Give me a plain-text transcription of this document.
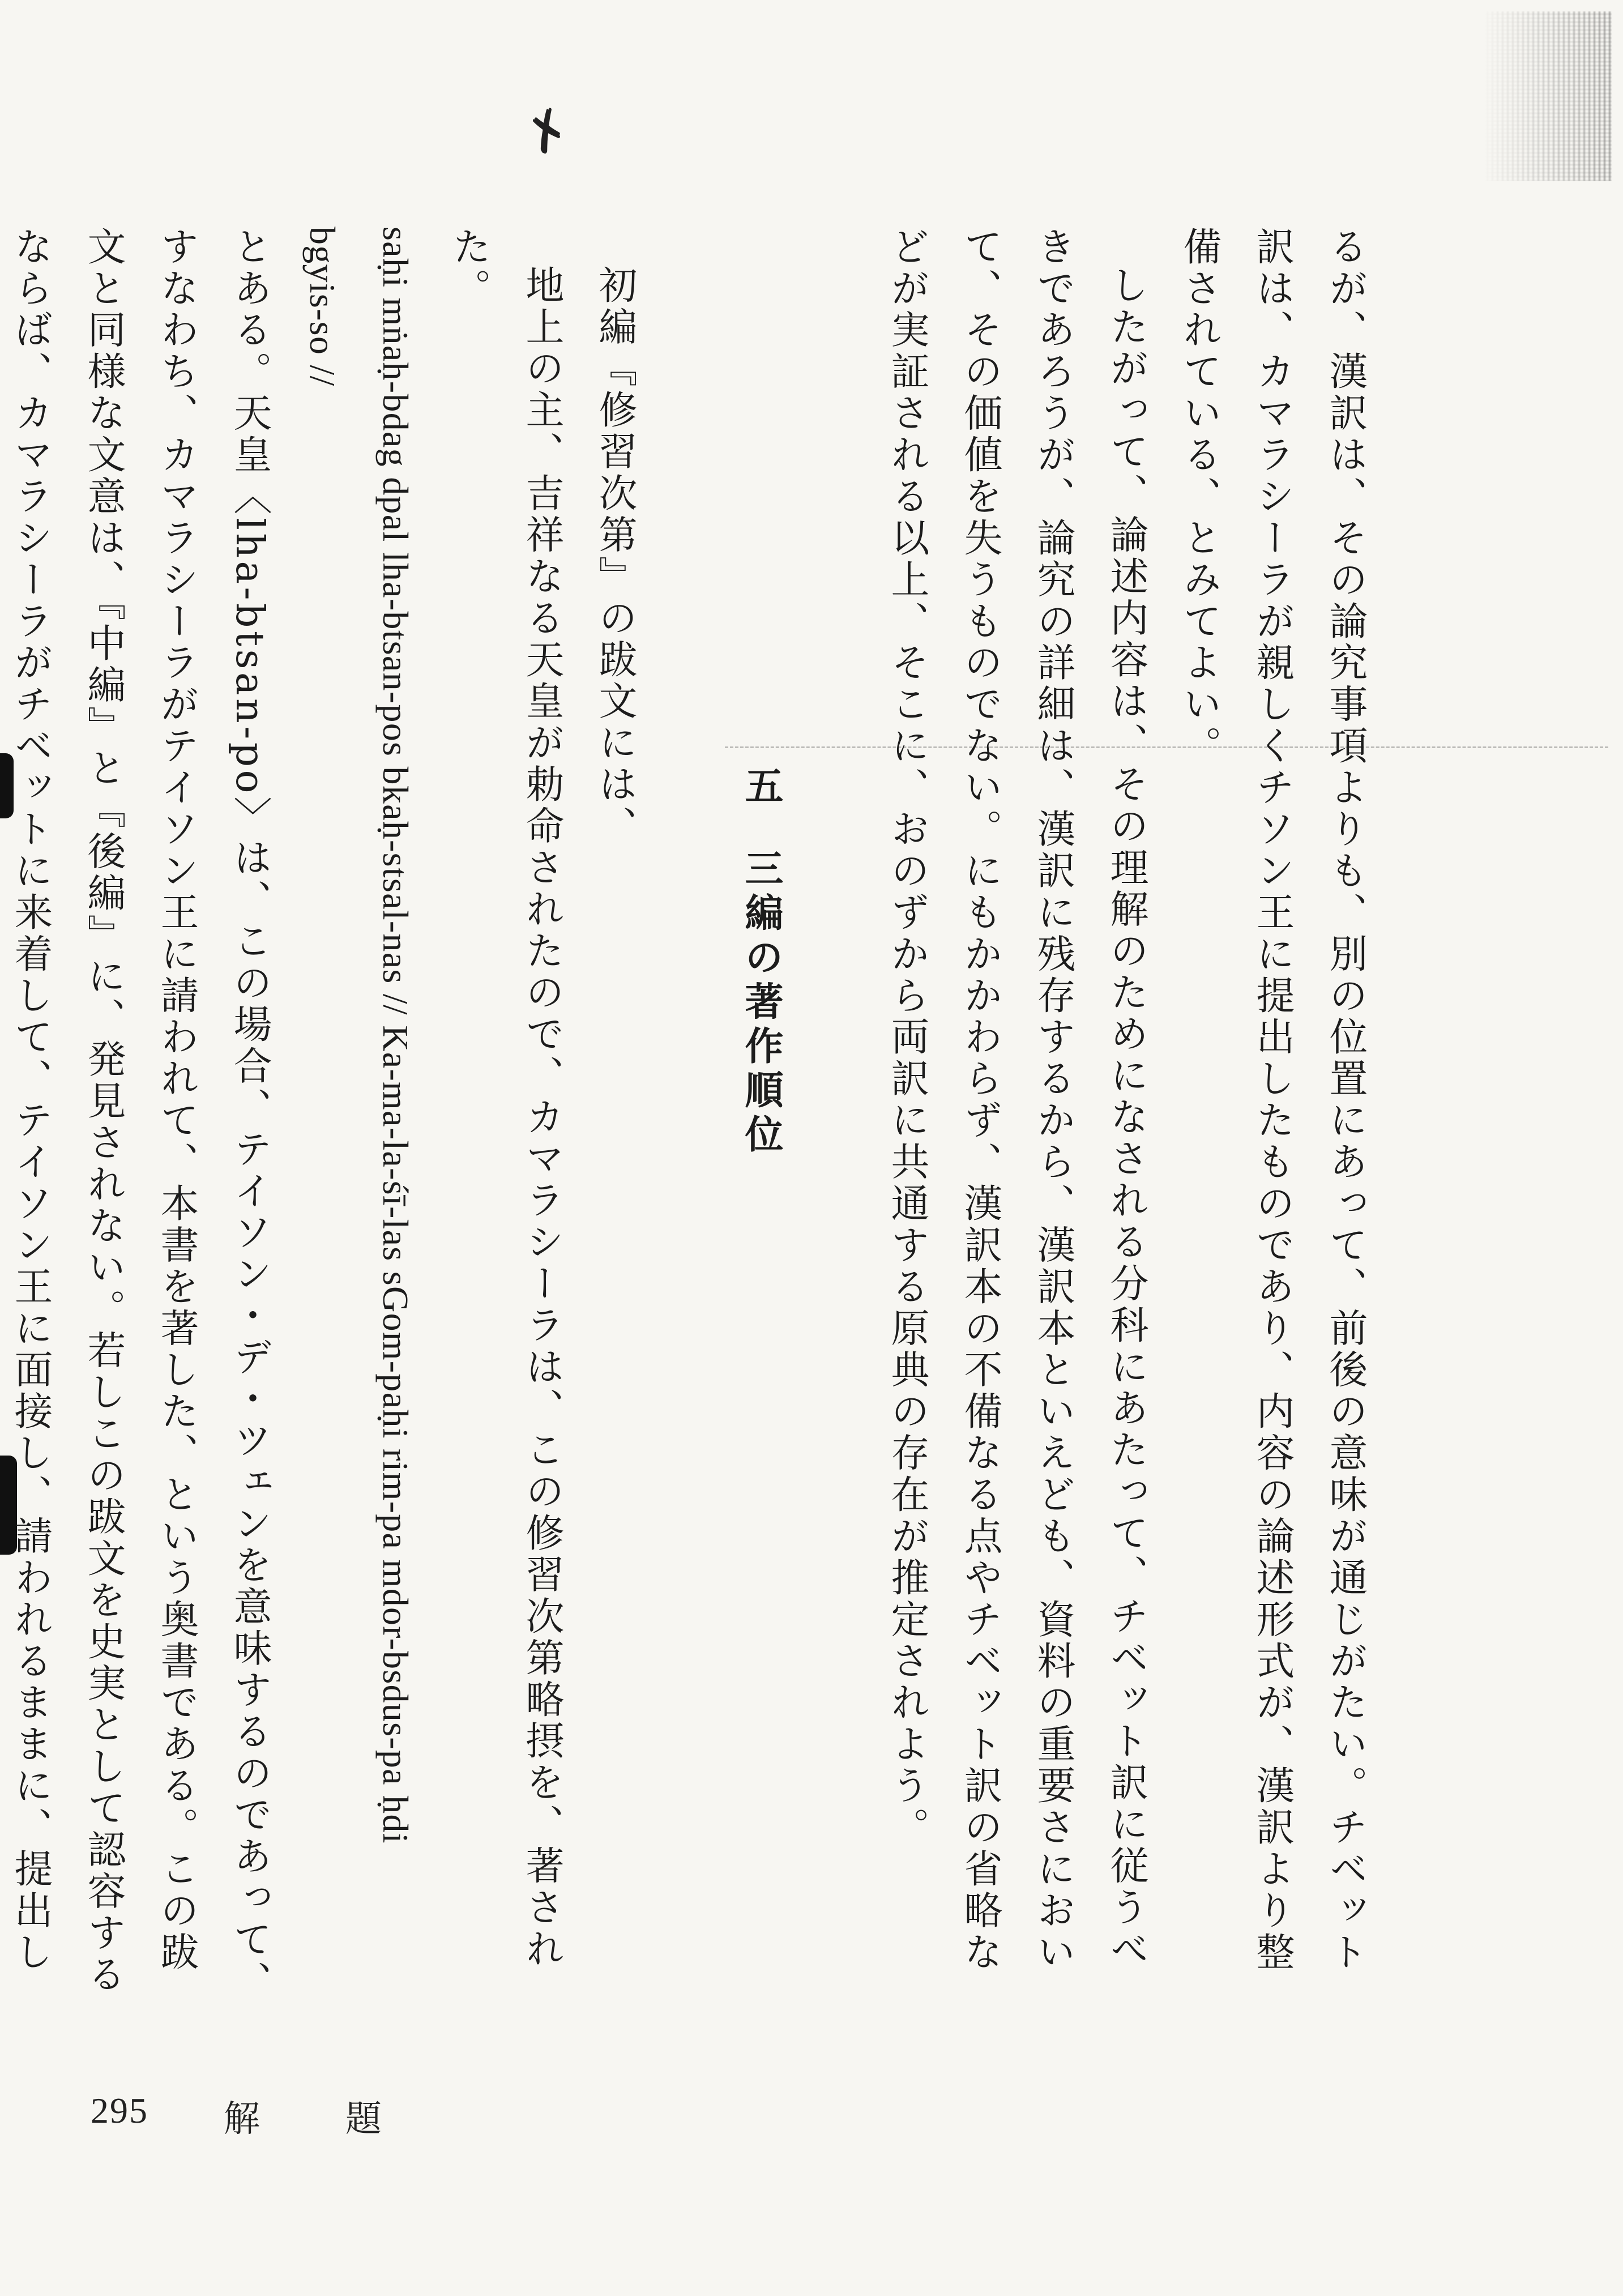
✗

るが、漢訳は、その論究事項よりも、別の位置にあって、前後の意味が通じがたい。チベット訳は、カマラシーラが親しくチソン王に提出したものであり、内容の論述形式が、漢訳より整備されている、とみてよい。

したがって、論述内容は、その理解のためになされる分科にあたって、チベット訳に従うべきであろうが、論究の詳細は、漢訳に残存するから、漢訳本といえども、資料の重要さにおいて、その価値を失うものでない。にもかかわらず、漢訳本の不備なる点やチベット訳の省略などが実証される以上、そこに、おのずから両訳に共通する原典の存在が推定されよう。

五三編の著作順位

初編『修習次第』の跋文には、

地上の主、吉祥なる天皇が勅命されたので、カマラシーラは、この修習次第略摂を、著された。

saḥi mṅaḥ-bdag dpal lha-btsan-pos bkaḥ-stsal-nas // Ka-ma-la-śī-las sGom-paḥi rim-pa mdor-bsdus-pa ḥdi

bgyis-so //

とある。天皇〈lha-btsan-po〉は、この場合、テイソン・デ・ツェンを意味するのであって、すなわち、カマラシーラがテイソン王に請われて、本書を著した、という奥書である。この跋文と同様な文意は、『中編』と『後編』に、発見されない。若しこの跋文を史実として認容するならば、カマラシーラがチベットに来着して、テイソン王に面接し、請われるままに、提出し

295 解 題
